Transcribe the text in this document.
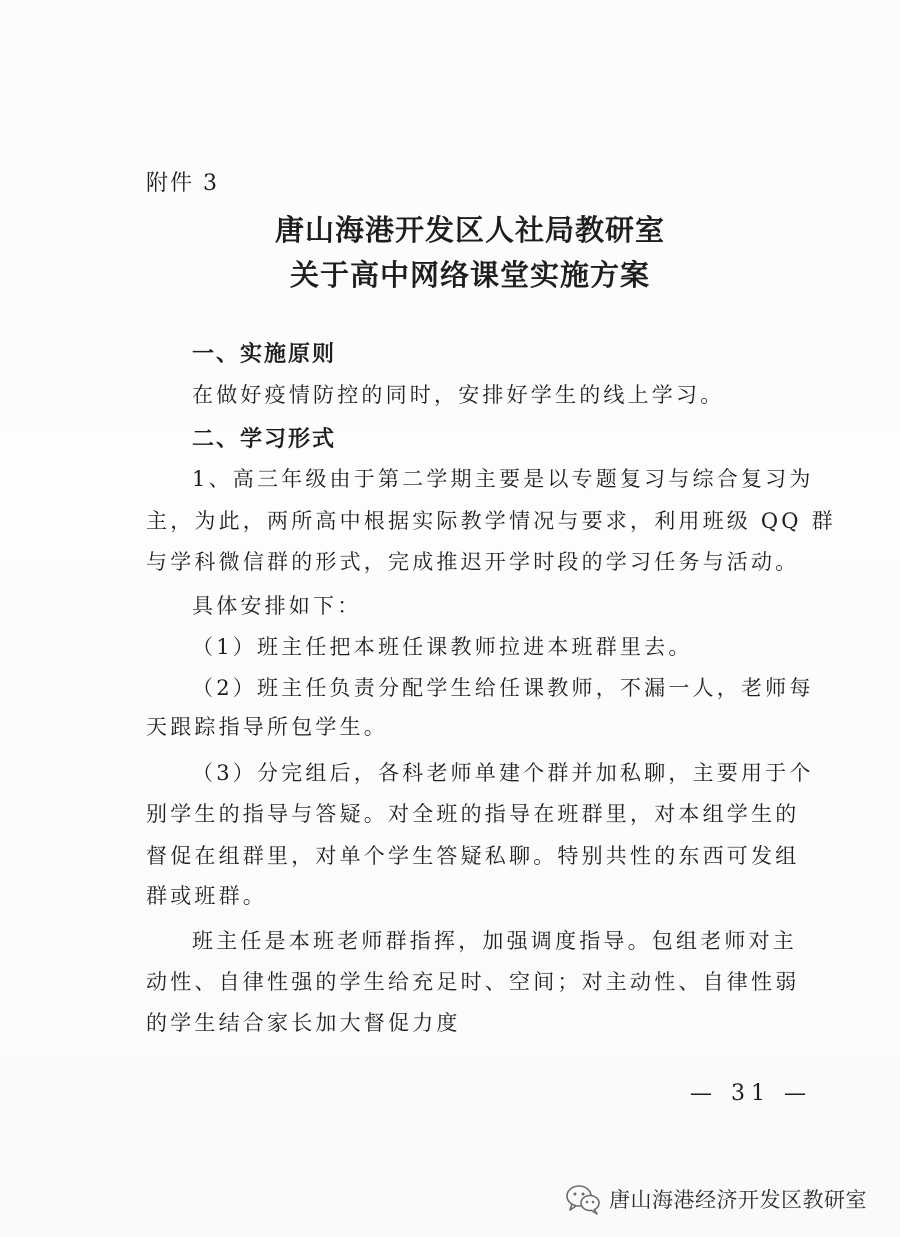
附件 3
唐山海港开发区人社局教研室
关于高中网络课堂实施方案
一、实施原则
在做好疫情防控的同时，安排好学生的线上学习。
二、学习形式
1、高三年级由于第二学期主要是以专题复习与综合复习为
主，为此，两所高中根据实际教学情况与要求，利用班级 QQ 群
与学科微信群的形式，完成推迟开学时段的学习任务与活动。
具体安排如下：
（1）班主任把本班任课教师拉进本班群里去。
（2）班主任负责分配学生给任课教师，不漏一人，老师每
天跟踪指导所包学生。
（3）分完组后，各科老师单建个群并加私聊，主要用于个
别学生的指导与答疑。对全班的指导在班群里，对本组学生的
督促在组群里，对单个学生答疑私聊。特别共性的东西可发组
群或班群。
班主任是本班老师群指挥，加强调度指导。包组老师对主
动性、自律性强的学生给充足时、空间；对主动性、自律性弱
的学生结合家长加大督促力度
— 31 —
唐山海港经济开发区教研室
